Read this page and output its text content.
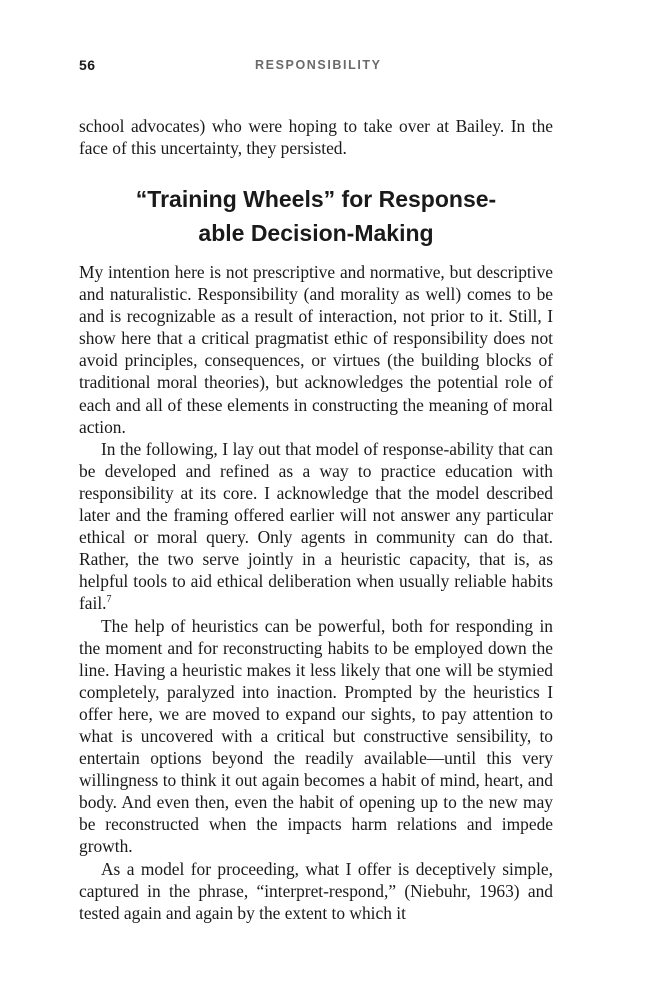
56	RESPONSIBILITY

school advocates) who were hoping to take over at Bailey. In the face of this uncertainty, they persisted.

“Training Wheels” for Response-
able Decision-Making

My intention here is not prescriptive and normative, but descriptive and naturalistic. Responsibility (and morality as well) comes to be and is recognizable as a result of interaction, not prior to it. Still, I show here that a critical pragmatist ethic of responsibility does not avoid principles, consequences, or virtues (the building blocks of traditional moral theories), but acknowledges the potential role of each and all of these elements in constructing the meaning of moral action.

In the following, I lay out that model of response-ability that can be developed and refined as a way to practice education with responsibility at its core. I acknowledge that the model described later and the framing offered earlier will not answer any particular ethical or moral query. Only agents in community can do that. Rather, the two serve jointly in a heuristic capacity, that is, as helpful tools to aid ethical deliberation when usually reliable habits fail.$^7$

The help of heuristics can be powerful, both for responding in the moment and for reconstructing habits to be employed down the line. Having a heuristic makes it less likely that one will be stymied completely, paralyzed into inaction. Prompted by the heuristics I offer here, we are moved to expand our sights, to pay attention to what is uncovered with a critical but constructive sensibility, to entertain options beyond the readily available—until this very willingness to think it out again becomes a habit of mind, heart, and body. And even then, even the habit of opening up to the new may be reconstructed when the impacts harm relations and impede growth.

As a model for proceeding, what I offer is deceptively simple, captured in the phrase, “interpret-respond,” (Niebuhr, 1963) and tested again and again by the extent to which it
